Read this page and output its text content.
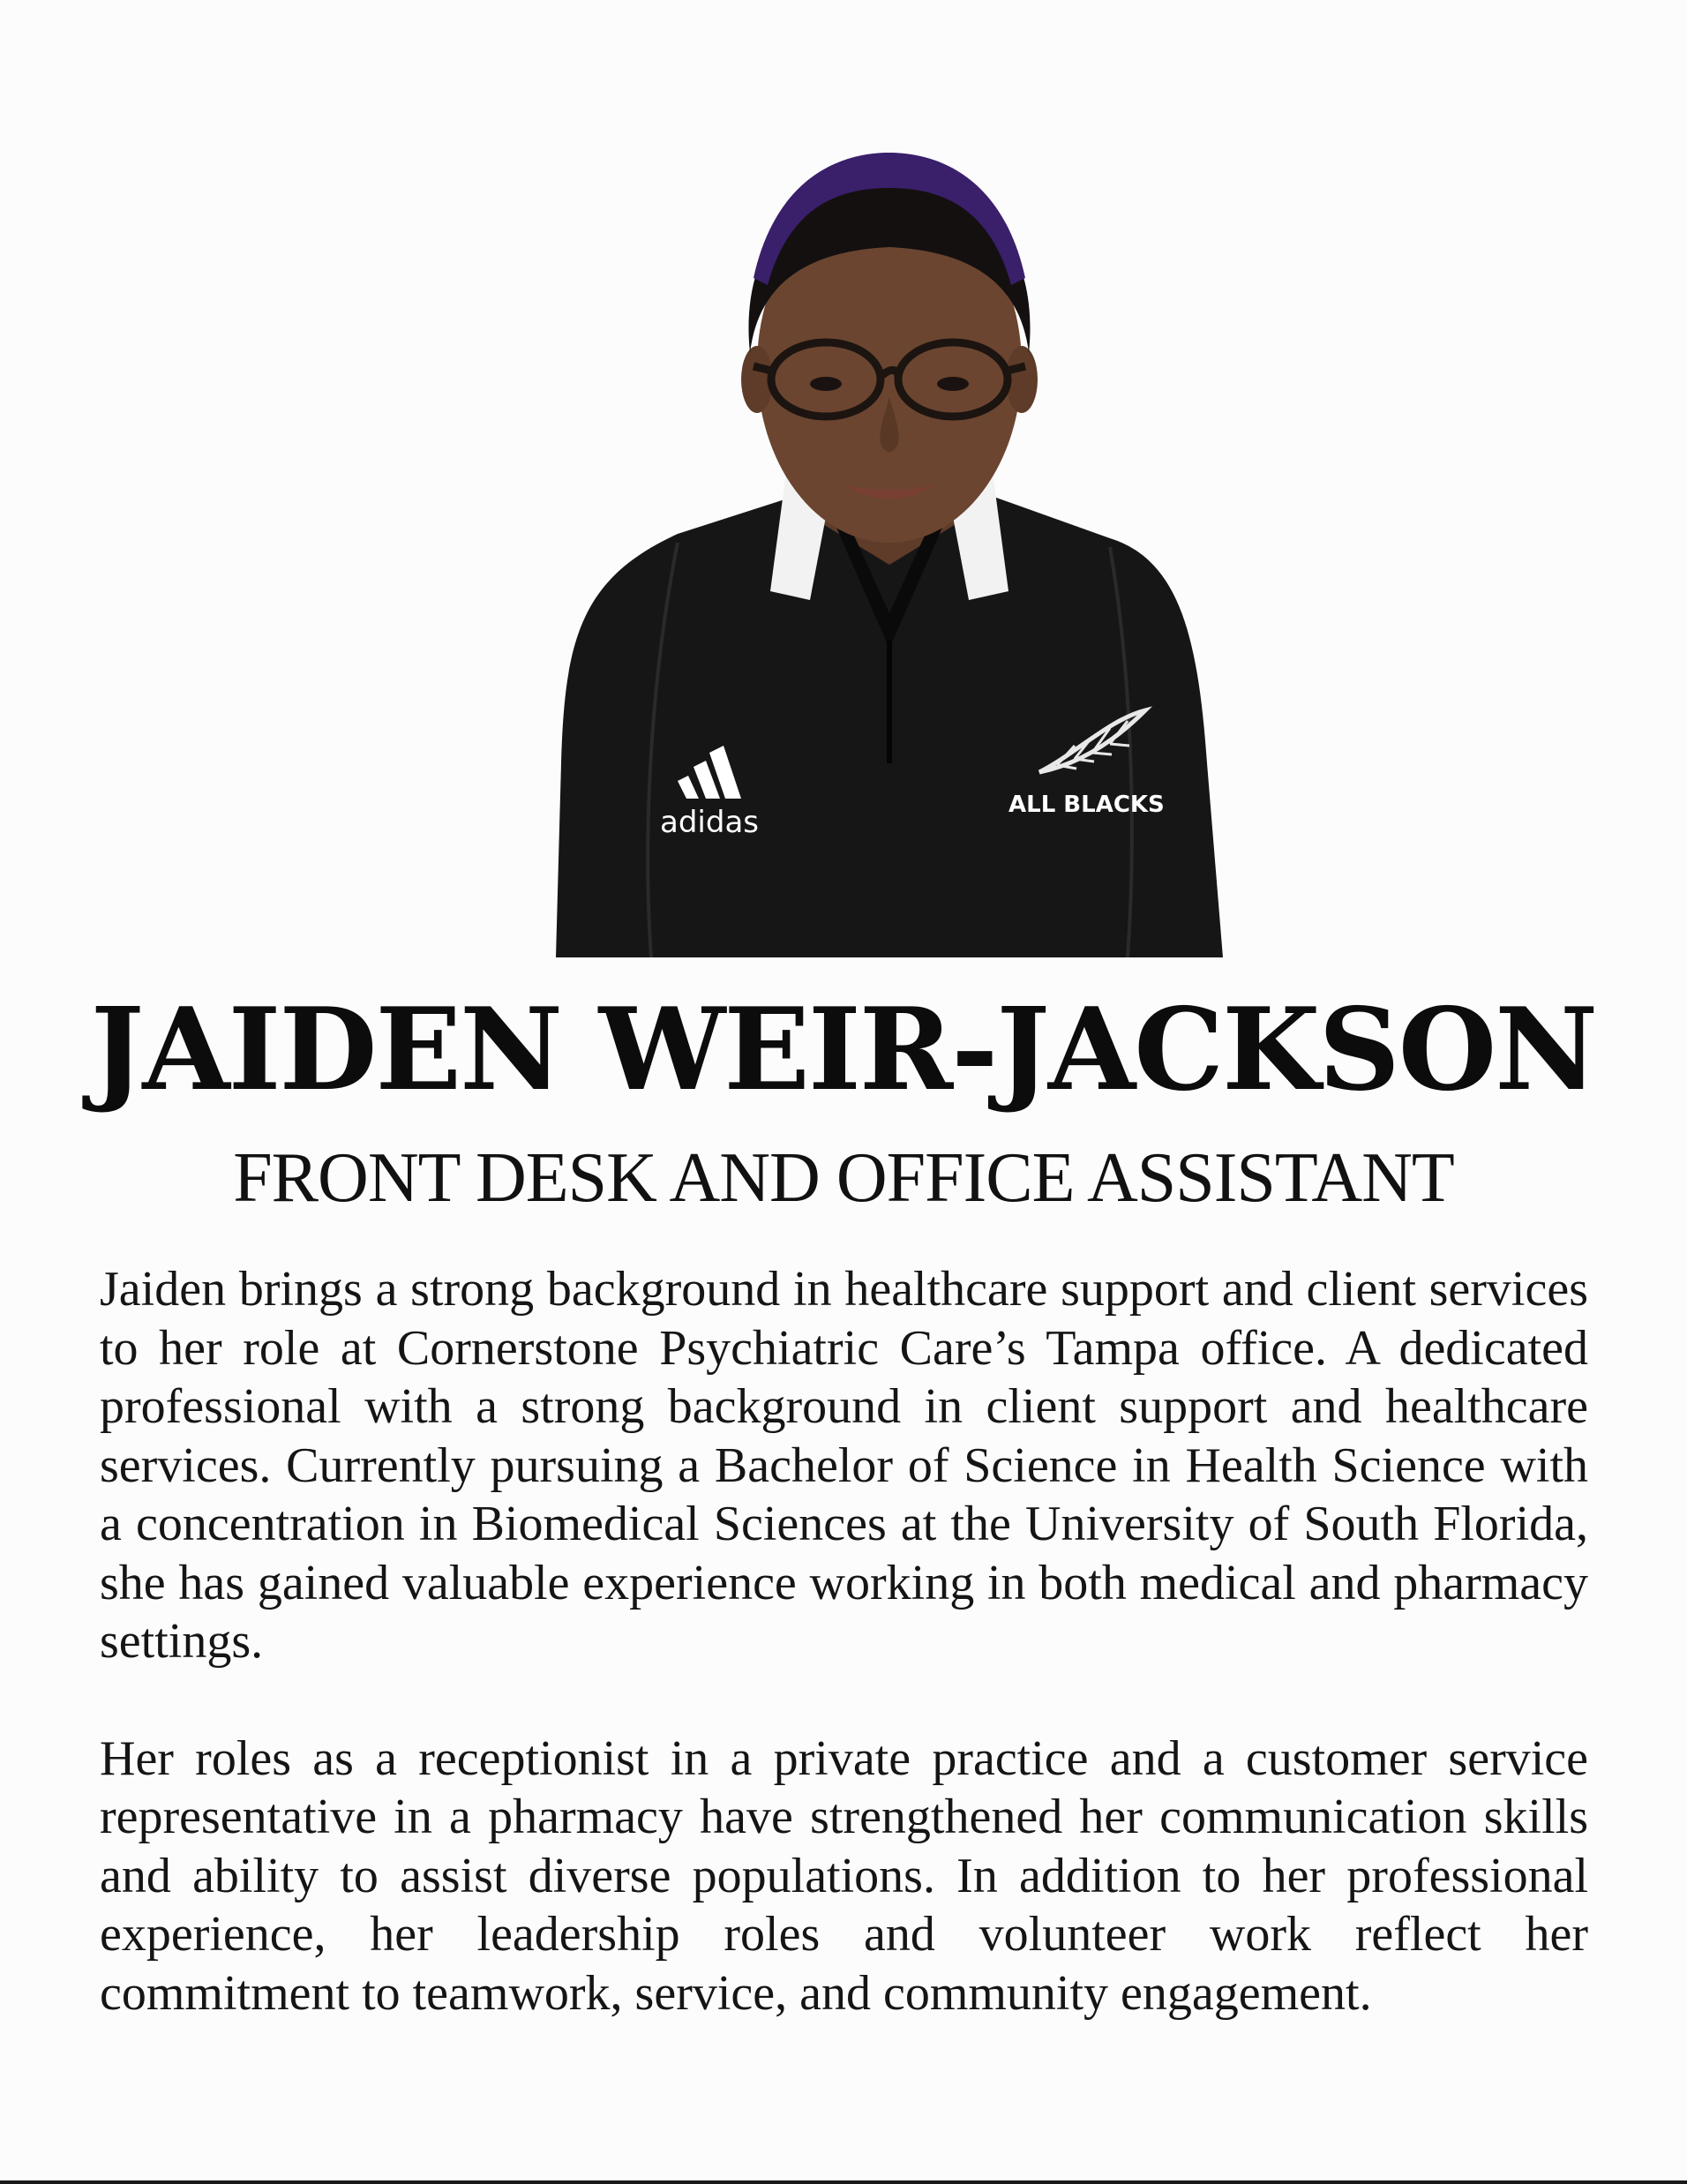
adidas	ALL BLACKS
JAIDEN WEIR-JACKSON
FRONT DESK AND OFFICE ASSISTANT

Jaiden brings a strong background in healthcare support and client services to her role at Cornerstone Psychiatric Care’s Tampa office. A dedicated professional with a strong background in client support and healthcare services. Currently pursuing a Bachelor of Science in Health Science with a concentration in Biomedical Sciences at the University of South Florida, she has gained valuable experience working in both medical and pharmacy settings.

Her roles as a receptionist in a private practice and a customer service representative in a pharmacy have strengthened her communication skills and ability to assist diverse populations. In addition to her professional experience, her leadership roles and volunteer work reflect her commitment to teamwork, service, and community engagement.
